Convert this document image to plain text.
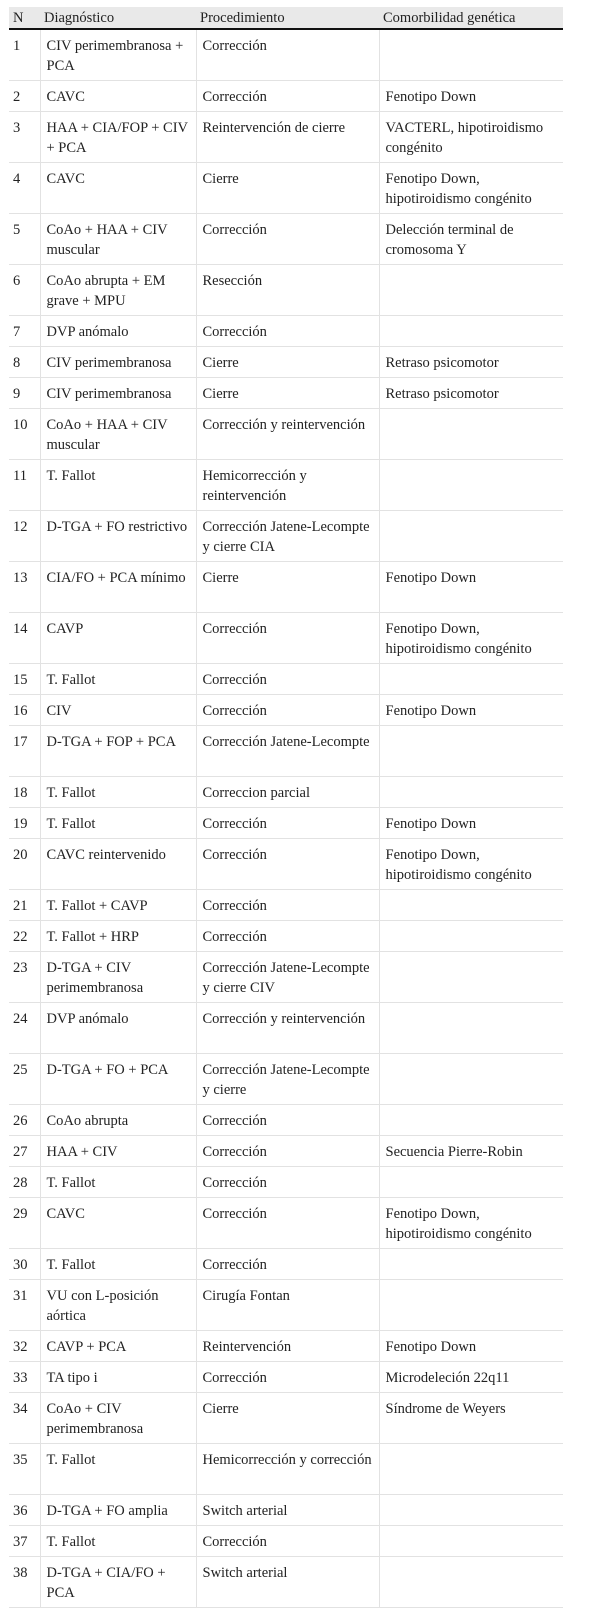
N	Diagnóstico	Procedimiento	Comorbilidad genética
1	CIV perimembranosa + PCA	Corrección	
2	CAVC	Corrección	Fenotipo Down
3	HAA + CIA/FOP + CIV + PCA	Reintervención de cierre	VACTERL, hipotiroidismo congénito
4	CAVC	Cierre	Fenotipo Down, hipotiroidismo congénito
5	CoAo + HAA + CIV muscular	Corrección	Delección terminal de cromosoma Y
6	CoAo abrupta + EM grave + MPU	Resección	
7	DVP anómalo	Corrección	
8	CIV perimembranosa	Cierre	Retraso psicomotor
9	CIV perimembranosa	Cierre	Retraso psicomotor
10	CoAo + HAA + CIV muscular	Corrección y reintervención	
11	T. Fallot	Hemicorrección y reintervención	
12	D-TGA + FO restrictivo	Corrección Jatene-Lecompte y cierre CIA	
13	CIA/FO + PCA mínimo	Cierre	Fenotipo Down
14	CAVP	Corrección	Fenotipo Down, hipotiroidismo congénito
15	T. Fallot	Corrección	
16	CIV	Corrección	Fenotipo Down
17	D-TGA + FOP + PCA	Corrección Jatene-Lecompte	
18	T. Fallot	Correccion parcial	
19	T. Fallot	Corrección	Fenotipo Down
20	CAVC reintervenido	Corrección	Fenotipo Down, hipotiroidismo congénito
21	T. Fallot + CAVP	Corrección	
22	T. Fallot + HRP	Corrección	
23	D-TGA + CIV perimembranosa	Corrección Jatene-Lecompte y cierre CIV	
24	DVP anómalo	Corrección y reintervención	
25	D-TGA + FO + PCA	Corrección Jatene-Lecompte y cierre	
26	CoAo abrupta	Corrección	
27	HAA + CIV	Corrección	Secuencia Pierre-Robin
28	T. Fallot	Corrección	
29	CAVC	Corrección	Fenotipo Down, hipotiroidismo congénito
30	T. Fallot	Corrección	
31	VU con L-posición aórtica	Cirugía Fontan	
32	CAVP + PCA	Reintervención	Fenotipo Down
33	TA tipo i	Corrección	Microdeleción 22q11
34	CoAo + CIV perimembranosa	Cierre	Síndrome de Weyers
35	T. Fallot	Hemicorrección y corrección	
36	D-TGA + FO amplia	Switch arterial	
37	T. Fallot	Corrección	
38	D-TGA + CIA/FO + PCA	Switch arterial	
